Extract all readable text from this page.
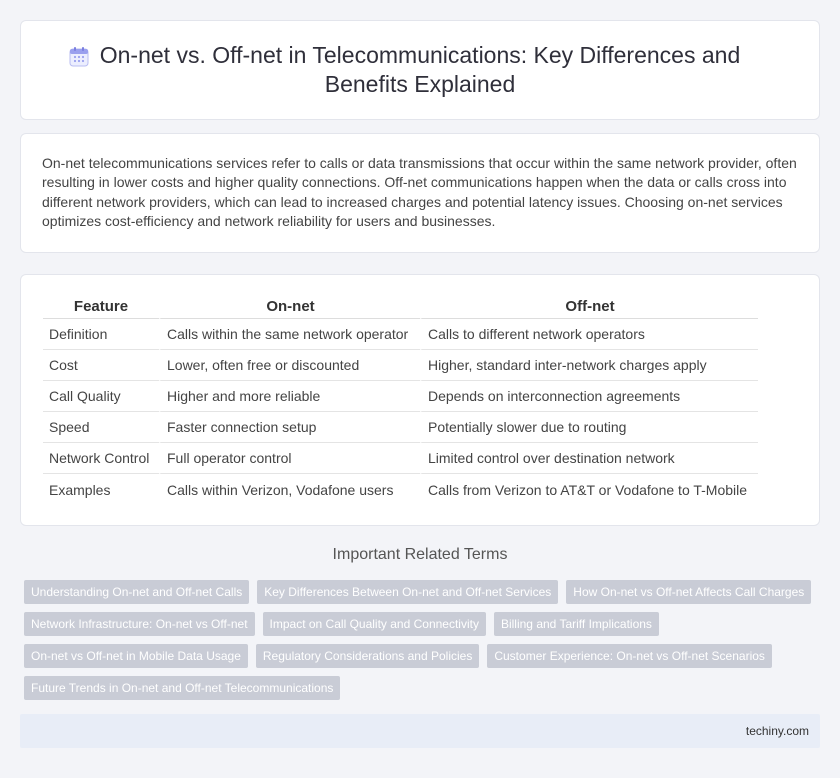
On-net vs. Off-net in Telecommunications: Key Differences and Benefits Explained

On-net telecommunications services refer to calls or data transmissions that occur within the same network provider, often resulting in lower costs and higher quality connections. Off-net communications happen when the data or calls cross into different network providers, which can lead to increased charges and potential latency issues. Choosing on-net services optimizes cost-efficiency and network reliability for users and businesses.

Feature	On-net	Off-net
Definition	Calls within the same network operator	Calls to different network operators
Cost	Lower, often free or discounted	Higher, standard inter-network charges apply
Call Quality	Higher and more reliable	Depends on interconnection agreements
Speed	Faster connection setup	Potentially slower due to routing
Network Control	Full operator control	Limited control over destination network
Examples	Calls within Verizon, Vodafone users	Calls from Verizon to AT&T or Vodafone to T-Mobile
Important Related Terms
Understanding On-net and Off-net Calls	Key Differences Between On-net and Off-net Services	How On-net vs Off-net Affects Call Charges
Network Infrastructure: On-net vs Off-net	Impact on Call Quality and Connectivity	Billing and Tariff Implications
On-net vs Off-net in Mobile Data Usage	Regulatory Considerations and Policies	Customer Experience: On-net vs Off-net Scenarios
Future Trends in On-net and Off-net Telecommunications
techiny.com
